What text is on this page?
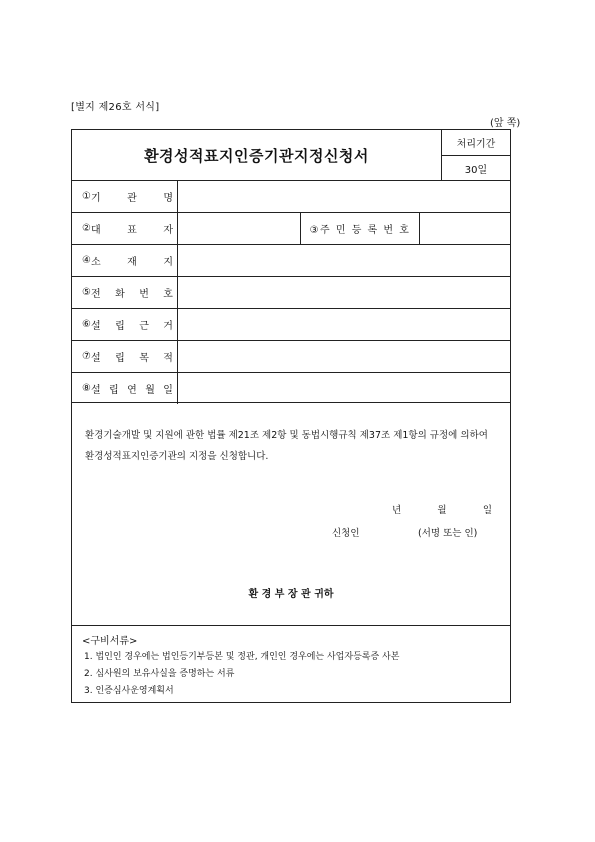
[별지 제26호 서식]
(앞 쪽)
환경성적표지인증기관지정신청서
처리기간
30일
① 기	관	명
② 대	표	자	③주 민 등 록 번 호
④ 소	재	지
⑤ 전 화 번 호
⑥ 설 립 근 거
⑦ 설 립 목 적
⑧ 설 립 연 월 일
환경기술개발 및 지원에 관한 법률 제21조 제2항 및 동법시행규칙 제37조 제1항의 규정에 의하여 환경성적표지인증기관의 지정을 신청합니다.
년	월	일
신청인	(서명 또는 인)
환 경 부 장 관 귀하
<구비서류>
1. 법인인 경우에는 법인등기부등본 및 정관, 개인인 경우에는 사업자등록증 사본
2. 심사원의 보유사실을 증명하는 서류
3. 인증심사운영계획서
